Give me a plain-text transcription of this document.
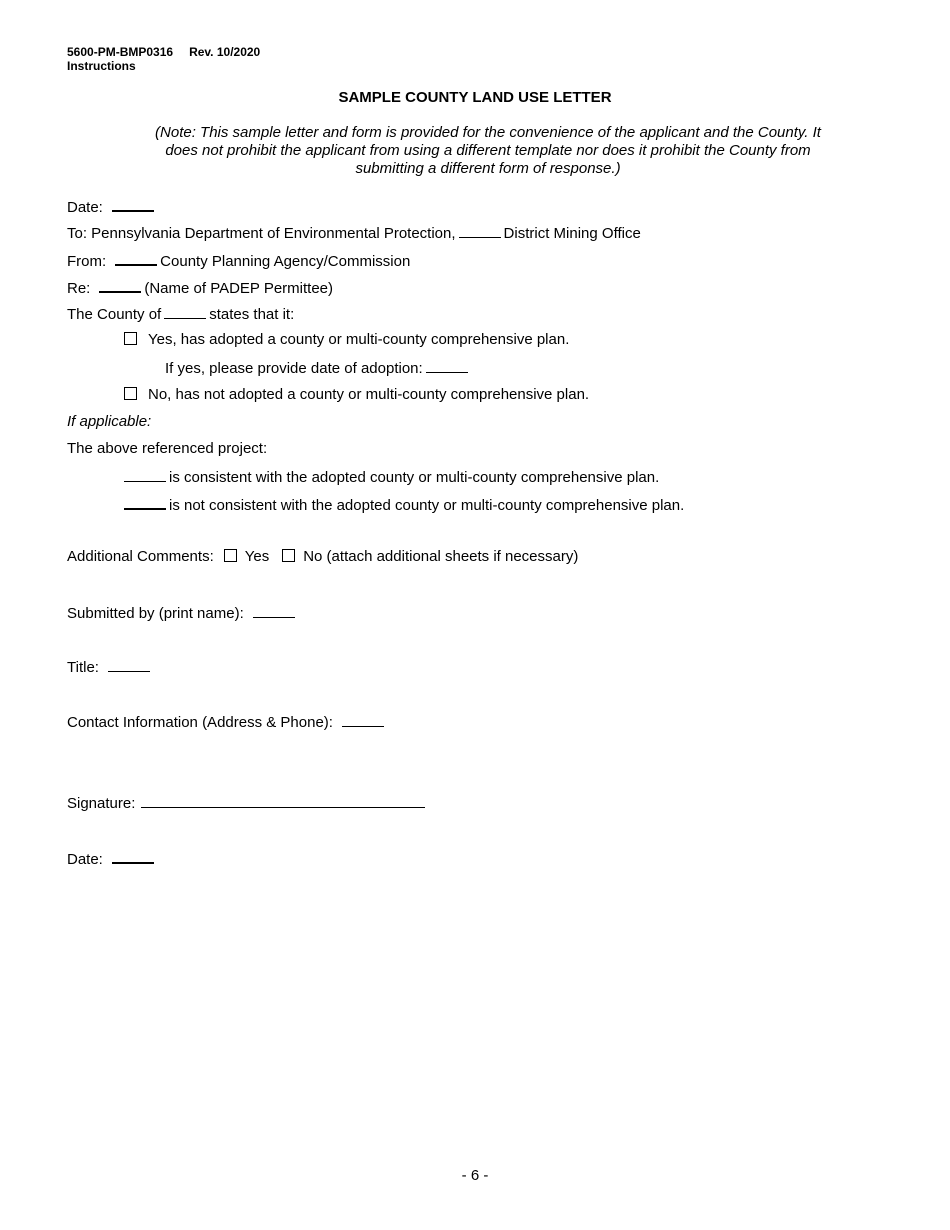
5600-PM-BMP0316 Rev. 10/2020
Instructions
SAMPLE COUNTY LAND USE LETTER
(Note: This sample letter and form is provided for the convenience of the applicant and the County. It does not prohibit the applicant from using a different template nor does it prohibit the County from submitting a different form of response.)
Date:
To: Pennsylvania Department of Environmental Protection,	District Mining Office
From:	County Planning Agency/Commission
Re:	(Name of PADEP Permittee)
The County of	states that it:
Yes, has adopted a county or multi-county comprehensive plan.
If yes, please provide date of adoption:
No, has not adopted a county or multi-county comprehensive plan.
If applicable:
The above referenced project:
is consistent with the adopted county or multi-county comprehensive plan.
is not consistent with the adopted county or multi-county comprehensive plan.
Additional Comments: Yes No (attach additional sheets if necessary)
Submitted by (print name):
Title:
Contact Information (Address & Phone):
Signature:
Date:
- 6 -
